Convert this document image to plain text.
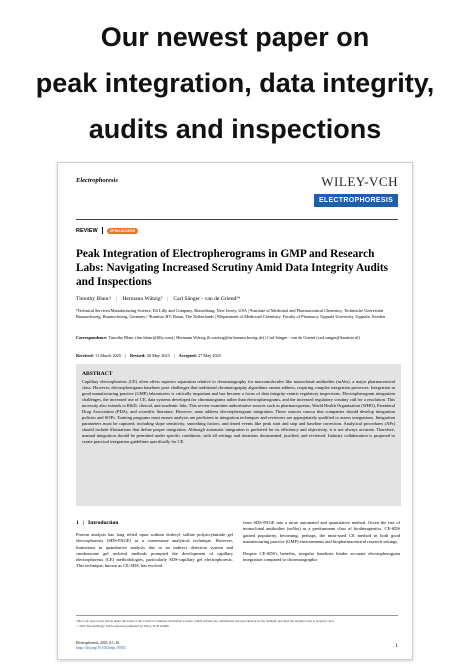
Our newest paper on
peak integration, data integrity,
audits and inspections
Electrophoresis	WILEY-VCH
ELECTROPHORESIS
REVIEW	OPEN ACCESS
Peak Integration of Electropherograms in GMP and Research Labs: Navigating Increased Scrutiny Amid Data Integrity Audits and Inspections
Timothy Blanc¹ | Hermann Wätzig² | Carl Sänger - van de Griend³⁴
¹Technical Services/Manufacturing Science, Eli Lilly and Company, Branchburg, New Jersey, USA | ²Institute of Medicinal and Pharmaceutical Chemistry, Technische Universität Braunschweig, Braunschweig, Germany | ³Kantisto BV, Baarn, The Netherlands | ⁴Department of Medicinal Chemistry, Faculty of Pharmacy, Uppsala University, Uppsala, Sweden
Correspondence: Timothy Blanc (tim.blanc@lilly.com) | Hermann Wätzig (h.waetzig@tu-braunschweig.de) | Carl Sänger - van de Griend (carl.sanger@kantisto.nl)
Received: 11 March 2025 | Revised: 20 May 2025 | Accepted: 27 May 2025
ABSTRACT
Capillary electrophoresis (CE) often offers superior separation relative to chromatography for macromolecules like monoclonal antibodies (mAbs), a major pharmaceutical class. However, electropherogram baselines pose challenges that traditional chromatography algorithms cannot address, requiring complex integration processes. Integration in good manufacturing practice (GMP) laboratories is critically important and has become a focus of data integrity-centric regulatory inspections. Electropherogram integration challenges, the increased use of CE, data systems developed for chromatograms rather than electropherograms, and the increased regulatory scrutiny call for a resolution. This necessity also extends to R&D, clinical, and academic labs. This review examines authoritative sources such as pharmacopoeias, World Health Organization (WHO), Parenteral Drug Association (PDA), and scientific literature. However, none address electropherogram integration. These sources concur that companies should develop integration policies and SOPs. Training programs must ensure analysts are proficient in integration techniques and reviewers are appropriately qualified to assess integrations. Integration parameters must be captured, including slope sensitivity, smoothing factors, and timed events like peak start and stop and baseline correction. Analytical procedures (APs) should include illustrations that define proper integration. Although automatic integration is preferred for its efficiency and objectivity, it is not always accurate. Therefore, manual integration should be permitted under specific conditions, with all settings and iterations documented, justified, and reviewed. Industry collaboration is proposed to create practical integration guidelines specifically for CE.
1 | Introduction

Protein analysis has long relied upon sodium dodecyl sulfate polyacrylamide gel electrophoresis (SDS-PAGE) as a cornerstone analytical technique. However, limitations in quantitative analysis due to an indirect detection system and cumbersome gel archival methods prompted the development of capillary electrophoresis (CE) methodologies, particularly SDS-capillary gel electrophoresis. This technique, known as CE-SDS, has evolved

from SDS-PAGE into a more automated and quantitative method. Given the rise of monoclonal antibodies (mAbs) as a predominant class of biotherapeutics, CE-SDS gained popularity, becoming, perhaps, the most-used CE method in both good manufacturing practice (GMP) environments and biopharmaceutical research settings.

Despite CE-SDS's benefits, irregular baselines hinder accurate electropherogram integration compared to chromatographic

This is an open access article under the terms of the Creative Commons Attribution License, which permits use, distribution and reproduction in any medium, provided the original work is properly cited.
© 2025 The Author(s). Electrophoresis published by Wiley-VCH GmbH.
Electrophoresis, 2025; 0:1–16
https://doi.org/10.1002/elps.70002	1
